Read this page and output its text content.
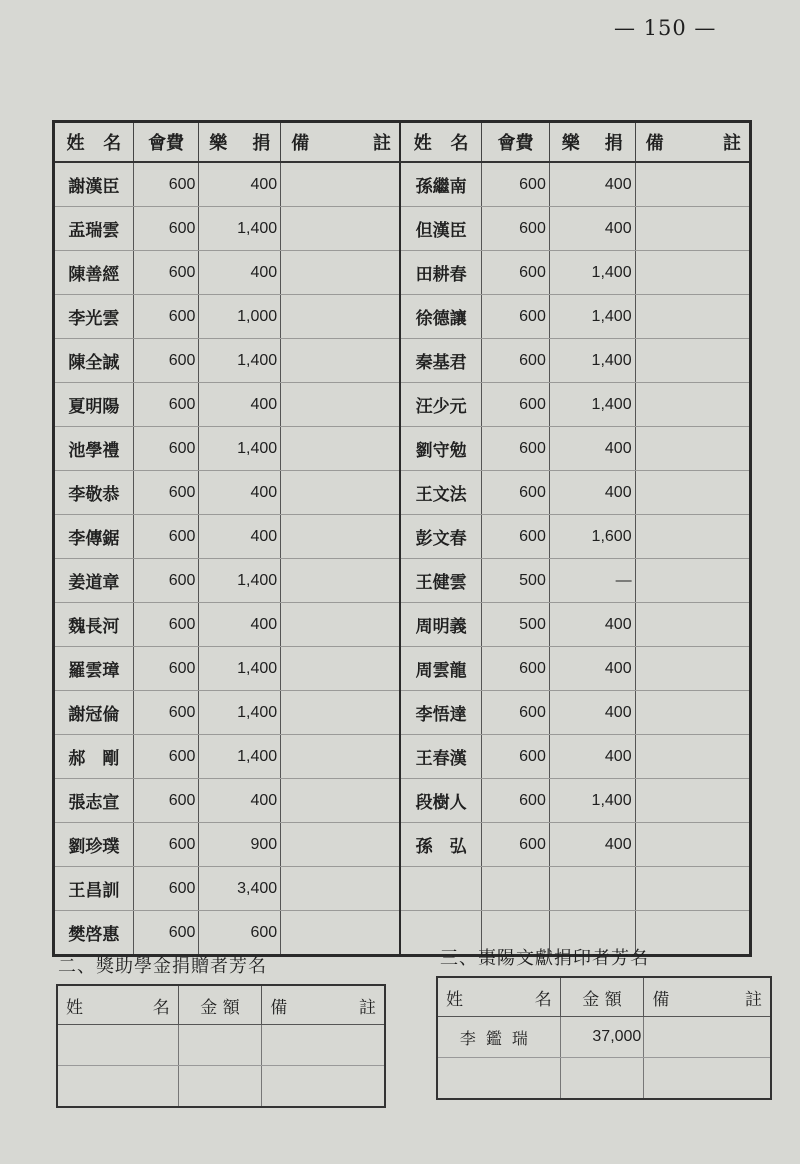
— 150 —
姓 名	會費	樂 捐	備 註	姓 名	會費	樂 捐	備 註

謝漢臣	600	400		孫繼南	600	400	
盂瑞雲	600	1,400		但漢臣	600	400	
陳善經	600	400		田耕春	600	1,400	
李光雲	600	1,000		徐德讓	600	1,400	
陳全誠	600	1,400		秦基君	600	1,400	
夏明陽	600	400		汪少元	600	1,400	
池學禮	600	1,400		劉守勉	600	400	
李敬恭	600	400		王文法	600	400	
李傳鋸	600	400		彭文春	600	1,600	
姜道章	600	1,400		王健雲	500	—	
魏長河	600	400		周明義	500	400	
羅雲璋	600	1,400		周雲龍	600	400	
謝冠倫	600	1,400		李悟達	600	400	
郝　剛	600	1,400		王春漢	600	400	
張志宣	600	400		段樹人	600	1,400	
劉珍璞	600	900		孫　弘	600	400	
王昌訓	600	3,400					
樊啓惠	600	600					
二、獎助學金捐贈者芳名
姓 名	金 額	備 註

三、棗陽文獻捐印者芳名
姓 名	金 額	備 註

李鑑瑞	37,000	
